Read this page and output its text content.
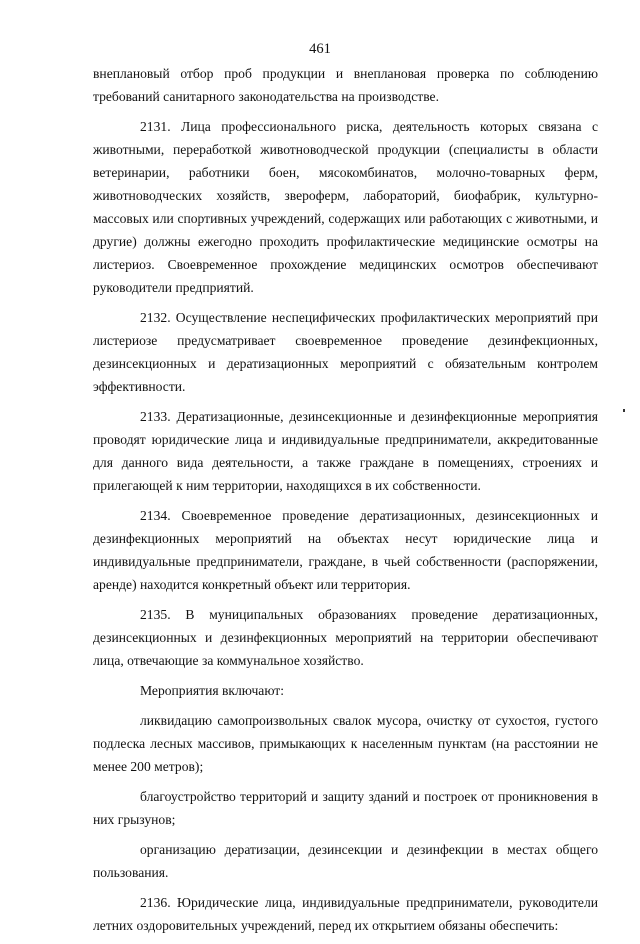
461

внеплановый отбор проб продукции и внеплановая проверка по соблюдению требований санитарного законодательства на производстве.

2131. Лица профессионального риска, деятельность которых связана с животными, переработкой животноводческой продукции (специалисты в области ветеринарии, работники боен, мясокомбинатов, молочно-товарных ферм, животноводческих хозяйств, звероферм, лабораторий, биофабрик, культурно-массовых или спортивных учреждений, содержащих или работающих с животными, и другие) должны ежегодно проходить профилактические медицинские осмотры на листериоз. Своевременное прохождение медицинских осмотров обеспечивают руководители предприятий.

2132. Осуществление неспецифических профилактических мероприятий при листериозе предусматривает своевременное проведение дезинфекционных, дезинсекционных и дератизационных мероприятий с обязательным контролем эффективности.

2133. Дератизационные, дезинсекционные и дезинфекционные мероприятия проводят юридические лица и индивидуальные предприниматели, аккредитованные для данного вида деятельности, а также граждане в помещениях, строениях и прилегающей к ним территории, находящихся в их собственности.

2134. Своевременное проведение дератизационных, дезинсекционных и дезинфекционных мероприятий на объектах несут юридические лица и индивидуальные предприниматели, граждане, в чьей собственности (распоряжении, аренде) находится конкретный объект или территория.

2135. В муниципальных образованиях проведение дератизационных, дезинсекционных и дезинфекционных мероприятий на территории обеспечивают лица, отвечающие за коммунальное хозяйство.

Мероприятия включают:

ликвидацию самопроизвольных свалок мусора, очистку от сухостоя, густого подлеска лесных массивов, примыкающих к населенным пунктам (на расстоянии не менее 200 метров);

благоустройство территорий и защиту зданий и построек от проникновения в них грызунов;

организацию дератизации, дезинсекции и дезинфекции в местах общего пользования.

2136. Юридические лица, индивидуальные предприниматели, руководители летних оздоровительных учреждений, перед их открытием обязаны обеспечить:
